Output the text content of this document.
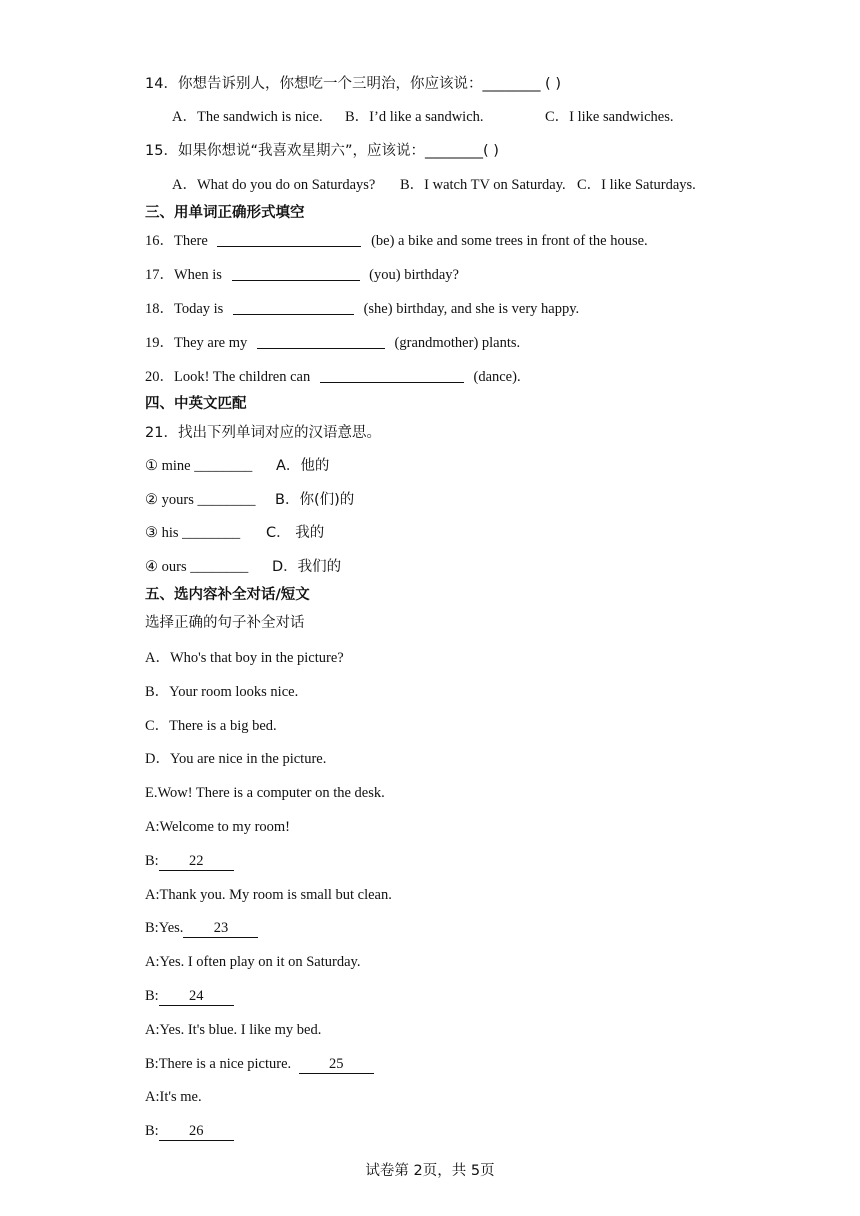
14．你想告诉别人，你想吃一个三明治，你应该说：________ ( )
A．The sandwich is nice. B．I’d like a sandwich.	C．I like sandwiches.
15．如果你想说“我喜欢星期六”，应该说：________( )
A．What do you do on Saturdays? B．I watch TV on Saturday. C．I like Saturdays.
三、用单词正确形式填空
16．There	(be) a bike and some trees in front of the house.
17．When is	(you) birthday?
18．Today is	(she) birthday, and she is very happy.
19．They are my	(grandmother) plants.
20．Look! The children can	(dance).
四、中英文匹配
21．找出下列单词对应的汉语意思。
① mine ________ A．他的
② yours ________ B．你(们)的
③ his ________ C． 我的
④ ours ________ D．我们的
五、选内容补全对话/短文
选择正确的句子补全对话
A．Who's that boy in the picture?
B．Your room looks nice.
C．There is a big bed.
D．You are nice in the picture.
E.Wow! There is a computer on the desk.
A:Welcome to my room!
B: 22
A:Thank you. My room is small but clean.
B:Yes. 23
A:Yes. I often play on it on Saturday.
B: 24
A:Yes. It's blue. I like my bed.
B:There is a nice picture. 25
A:It's me.
B: 26
试卷第 2页，共 5页
